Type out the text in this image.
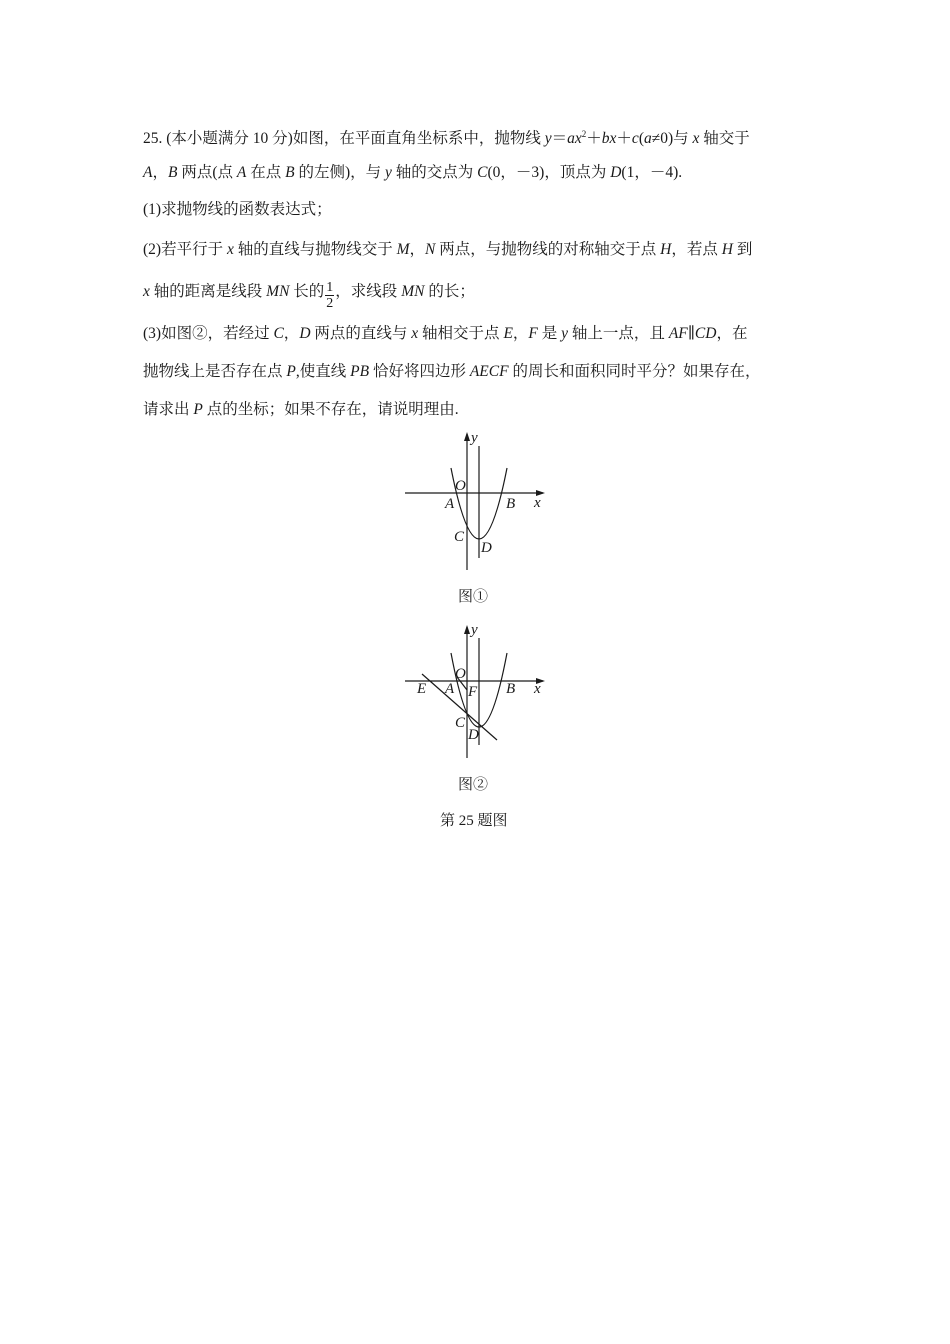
25. (本小题满分 10 分)如图，在平面直角坐标系中，抛物线 $y=ax^2+bx+c(a\ne 0)$与 x 轴交于
A，B 两点(点 A 在点 B 的左侧)，与 y 轴的交点为 C(0，－3)，顶点为 D(1，－4).
(1)求抛物线的函数表达式；
(2)若平行于 x 轴的直线与抛物线交于 M，N 两点，与抛物线的对称轴交于点 H，若点 H 到
x 轴的距离是线段 MN 长的 $\frac{1}{2}$ ，求线段 MN 的长；
(3)如图②，若经过 C，D 两点的直线与 x 轴相交于点 E，F 是 y 轴上一点，且 AF∥CD，在
抛物线上是否存在点 P,使直线 PB 恰好将四边形 AECF 的周长和面积同时平分？如果存在，
请求出 P 点的坐标；如果不存在，请说明理由.
y
x
O
A	B
C
D
图①
y
x
O
E A F B
C
D
图②
第 25 题图
